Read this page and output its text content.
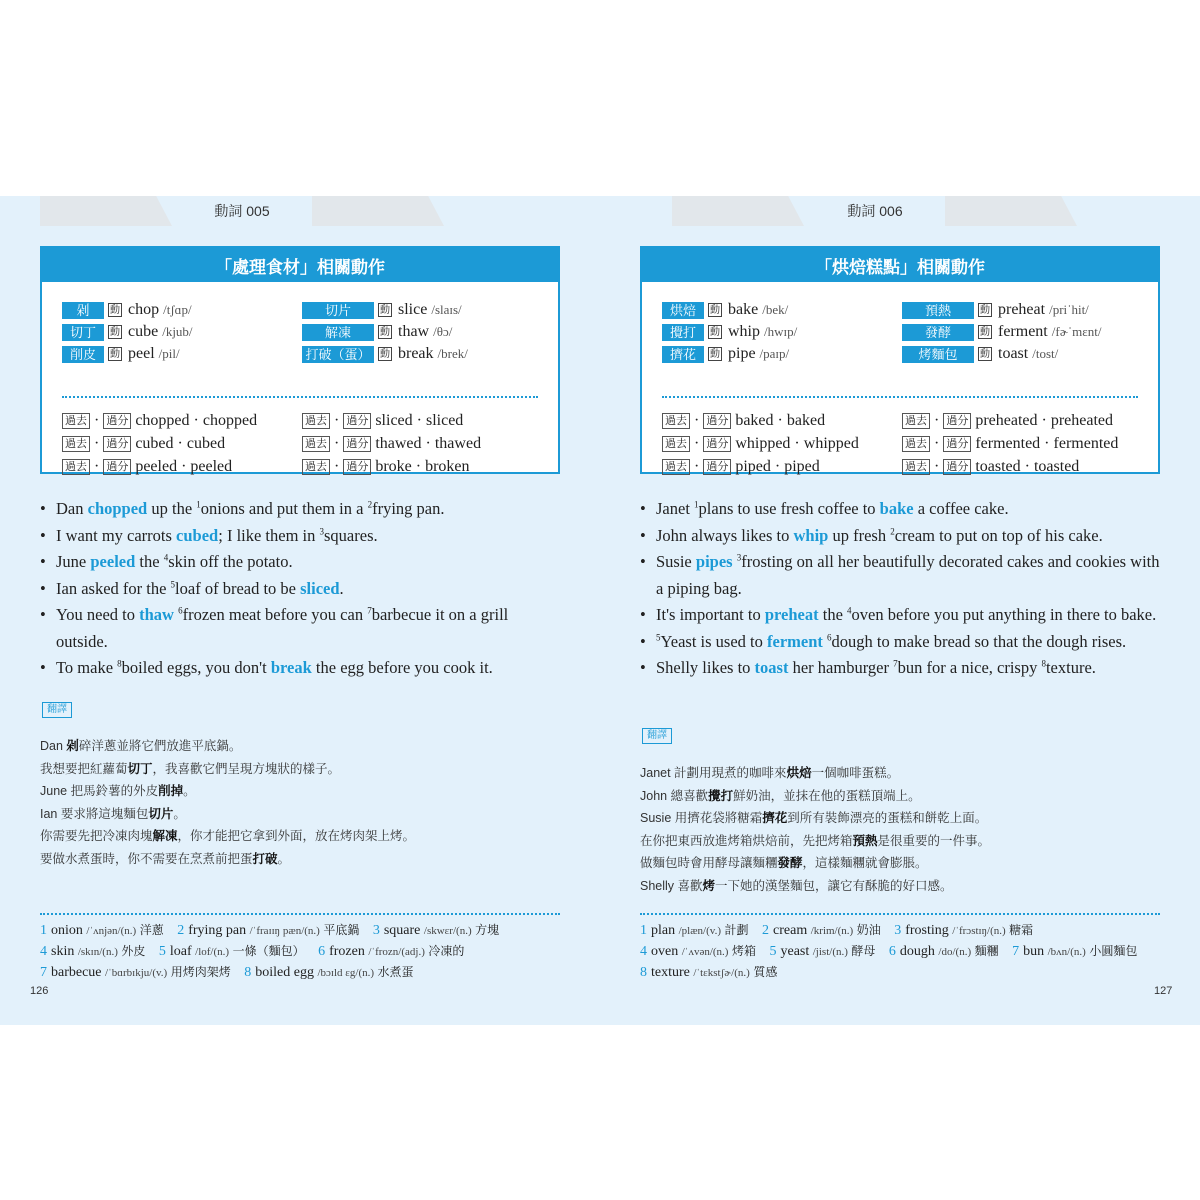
動詞 005	動詞 006
「處理食材」相關動作
剁	動 chop /tʃɑp/
切丁	動 cube /kjub/
削皮	動 peel /pil/
切片	動 slice /slaɪs/
解凍	動 thaw /θɔ/
打破（蛋） 動 break /brek/
過去 · 過分
chopped · chopped
過去 · 過分
cubed · cubed
過去 · 過分
peeled · peeled
過去 · 過分
sliced · sliced
過去 · 過分
thawed · thawed
過去 · 過分
broke · broken
• Dan chopped up the $^1$onions and put them in a $^2$frying pan.
• I want my carrots cubed; I like them in $^3$squares.
• June peeled the $^4$skin off the potato.
• Ian asked for the $^5$loaf of bread to be sliced.
• You need to thaw $^6$frozen meat before you can $^7$barbecue it on a grill outside.
• To make $^8$boiled eggs, you don't break the egg before you cook it.
翻譯
Dan 剁碎洋蔥並將它們放進平底鍋。
我想要把紅蘿蔔切丁，我喜歡它們呈現方塊狀的樣子。
June 把馬鈴薯的外皮削掉。
Ian 要求將這塊麵包切片。
你需要先把冷凍肉塊解凍，你才能把它拿到外面，放在烤肉架上烤。
要做水煮蛋時，你不需要在烹煮前把蛋打破。
1 onion /ˈʌnjən/(n.) 洋蔥 2 frying pan /ˈfraɪɪŋ pæn/(n.) 平底鍋 3 square /skwɛr/(n.) 方塊
4 skin /skɪn/(n.) 外皮 5 loaf /lof/(n.) 一條（麵包） 6 frozen /ˈfrozn/(adj.) 冷凍的
7 barbecue /ˈbɑrbɪkju/(v.) 用烤肉架烤 8 boiled egg /bɔɪld ɛg/(n.) 水煮蛋
「烘焙糕點」相關動作
烘焙	動 bake /bek/
攪打	動 whip /hwɪp/
擠花	動 pipe /paɪp/
預熱	動 preheat /priˈhit/
發酵	動 ferment /fɚˈmɛnt/
烤麵包	動 toast /tost/
過去 · 過分
baked · baked
過去 · 過分
whipped · whipped
過去 · 過分
piped · piped
過去 · 過分
preheated · preheated
過去 · 過分
fermented · fermented
過去 · 過分
toasted · toasted
• Janet $^1$plans to use fresh coffee to bake a coffee cake.
• John always likes to whip up fresh $^2$cream to put on top of his cake.
• Susie pipes $^3$frosting on all her beautifully decorated cakes and cookies with a piping bag.
• It's important to preheat the $^4$oven before you put anything in there to bake.
• $^5$Yeast is used to ferment $^6$dough to make bread so that the dough rises.
• Shelly likes to toast her hamburger $^7$bun for a nice, crispy $^8$texture.
翻譯
Janet 計劃用現煮的咖啡來烘焙一個咖啡蛋糕。
John 總喜歡攪打鮮奶油，並抹在他的蛋糕頂端上。
Susie 用擠花袋將糖霜擠花到所有裝飾漂亮的蛋糕和餅乾上面。
在你把東西放進烤箱烘焙前，先把烤箱預熱是很重要的一件事。
做麵包時會用酵母讓麵糰發酵，這樣麵糰就會膨脹。
Shelly 喜歡烤一下她的漢堡麵包，讓它有酥脆的好口感。
1 plan /plæn/(v.) 計劃 2 cream /krim/(n.) 奶油 3 frosting /ˈfrɔstɪŋ/(n.) 糖霜
4 oven /ˈʌvən/(n.) 烤箱 5 yeast /jist/(n.) 酵母 6 dough /do/(n.) 麵糰 7 bun /bʌn/(n.) 小圓麵包
8 texture /ˈtɛkstʃɚ/(n.) 質感
126	127
